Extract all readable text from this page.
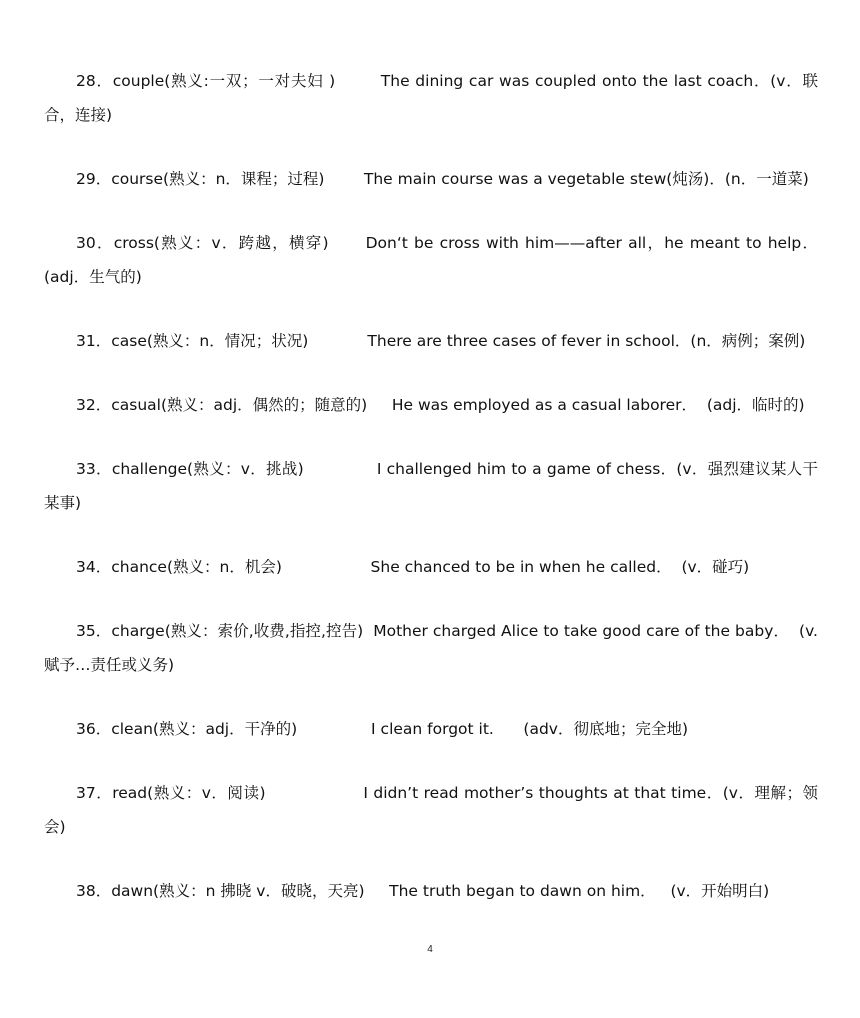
28．couple(熟义:一双；一对夫妇 )        The dining car was coupled onto the last coach．(v．联合，连接)

29．course(熟义：n．课程；过程)        The main course was a vegetable stew(炖汤)．(n．一道菜)

30．cross(熟义：v．跨越，横穿)      Don‘t be cross with him——after all，he meant to help．(adj．生气的)

31．case(熟义：n．情况；状况)            There are three cases of fever in school．(n．病例；案例)

32．casual(熟义：adj．偶然的；随意的)     He was employed as a casual laborer．  (adj．临时的)

33．challenge(熟义：v．挑战)              I challenged him to a game of chess．(v．强烈建议某人干某事)

34．chance(熟义：n．机会)                  She chanced to be in when he called．  (v．碰巧)

35．charge(熟义：索价,收费,指控,控告)  Mother charged Alice to take good care of the baby．  (v. 赋予…责任或义务)

36．clean(熟义：adj．干净的)               I clean forgot it.      (adv．彻底地；完全地)

37．read(熟义：v．阅读)                  I didn’t read mother’s thoughts at that time．(v．理解；领会)

38．dawn(熟义：n 拂晓 v．破晓，天亮)     The truth began to dawn on him．   (v．开始明白)

4
